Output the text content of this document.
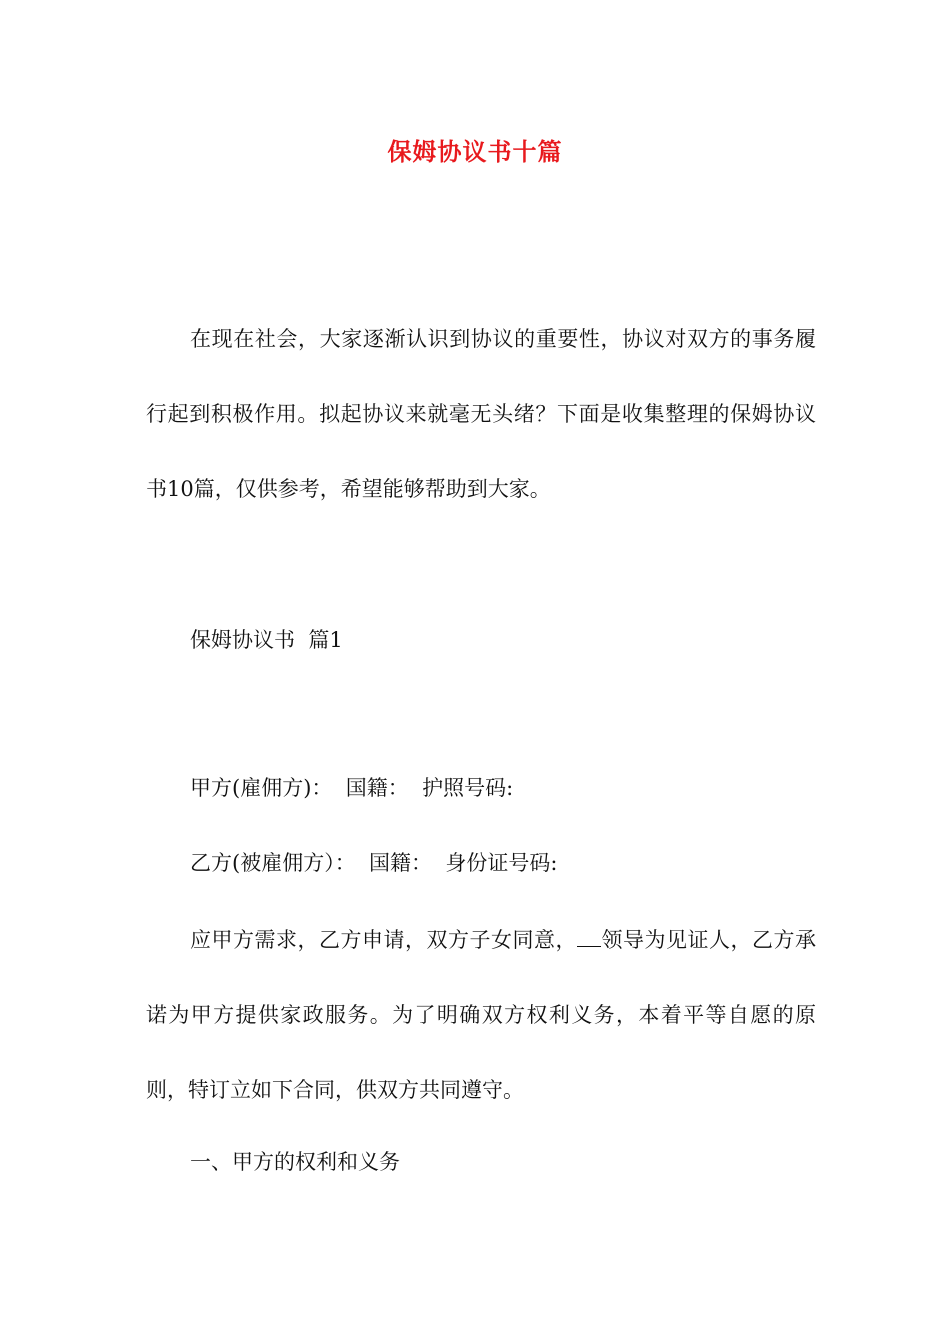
保姆协议书十篇

在现在社会，大家逐渐认识到协议的重要性，协议对双方的事务履行起到积极作用。拟起协议来就毫无头绪？下面是收集整理的保姆协议书10篇，仅供参考，希望能够帮助到大家。

保姆协议书  篇1

甲方(雇佣方)：  国籍：  护照号码:

乙方(被雇佣方）：  国籍：  身份证号码:

应甲方需求，乙方申请，双方子女同意， 领导为见证人，乙方承诺为甲方提供家政服务。为了明确双方权利义务，本着平等自愿的原则，特订立如下合同，供双方共同遵守。

一、甲方的权利和义务
